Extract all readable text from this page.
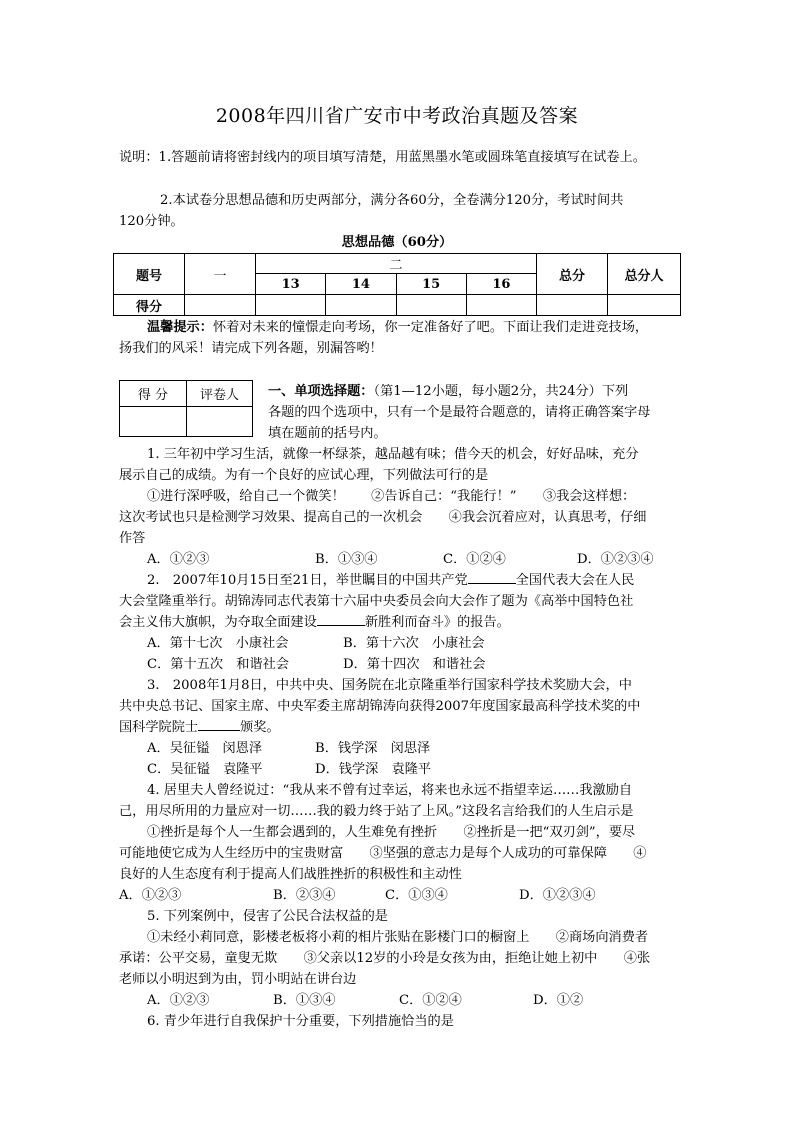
2008年四川省广安市中考政治真题及答案
说明：1.答题前请将密封线内的项目填写清楚，用蓝黑墨水笔或圆珠笔直接填写在试卷上。
2.本试卷分思想品德和历史两部分，满分各60分，全卷满分120分，考试时间共
120分钟。
思想品德（60分）
题号	一	二				总分	总分人
		13	14	15	16		
得分							
温馨提示：怀着对未来的憧憬走向考场，你一定准备好了吧。下面让我们走进竞技场，
扬我们的风采！请完成下列各题，别漏答哟！
得 分	评卷人
	一、单项选择题：（第1—12小题，每小题2分，共24分）下列
各题的四个选项中，只有一个是最符合题意的，请将正确答案字母
填在题前的括号内。
1. 三年初中学习生活，就像一杯绿茶，越品越有味；借今天的机会，好好品味，充分
展示自己的成绩。为有一个良好的应试心理，下列做法可行的是
①进行深呼吸，给自己一个微笑！　　②告诉自己：“我能行！”　　③我会这样想：
这次考试也只是检测学习效果、提高自己的一次机会　　④我会沉着应对，认真思考，仔细
作答
A．①②③	B．①③④	C．①②④	D．①②③④
2.　2007年10月15日至21日，举世瞩目的中国共产党	全国代表大会在人民
大会堂隆重举行。胡锦涛同志代表第十六届中央委员会向大会作了题为《高举中国特色社
会主义伟大旗帜，为夺取全面建设	新胜利而奋斗》的报告。
A．第十七次　小康社会	B．第十六次　小康社会
C．第十五次　和谐社会	D．第十四次　和谐社会
3.　2008年1月8日，中共中央、国务院在北京隆重举行国家科学技术奖励大会，中
共中央总书记、国家主席、中央军委主席胡锦涛向获得2007年度国家最高科学技术奖的中
国科学院院士	颁奖。
A．吴征镒　闵恩泽	B．钱学深　闵思泽
C．吴征镒　袁隆平	D．钱学深　袁隆平
4. 居里夫人曾经说过：“我从来不曾有过幸运，将来也永远不指望幸运……我激励自
己，用尽所用的力量应对一切……我的毅力终于站了上风。”这段名言给我们的人生启示是
①挫折是每个人一生都会遇到的，人生难免有挫折　　②挫折是一把“双刃剑”，要尽
可能地使它成为人生经历中的宝贵财富　　③坚强的意志力是每个人成功的可靠保障　　④
良好的人生态度有利于提高人们战胜挫折的积极性和主动性
A．①②③	B．②③④	C．①③④	D．①②③④
5. 下列案例中，侵害了公民合法权益的是
①未经小莉同意，影楼老板将小莉的相片张贴在影楼门口的橱窗上　　②商场向消费者
承诺：公平交易，童叟无欺　　③父亲以12岁的小玲是女孩为由，拒绝让她上初中　　④张
老师以小明迟到为由，罚小明站在讲台边
A．①②③	B．①③④	C．①②④	D．①②
6. 青少年进行自我保护十分重要，下列措施恰当的是
